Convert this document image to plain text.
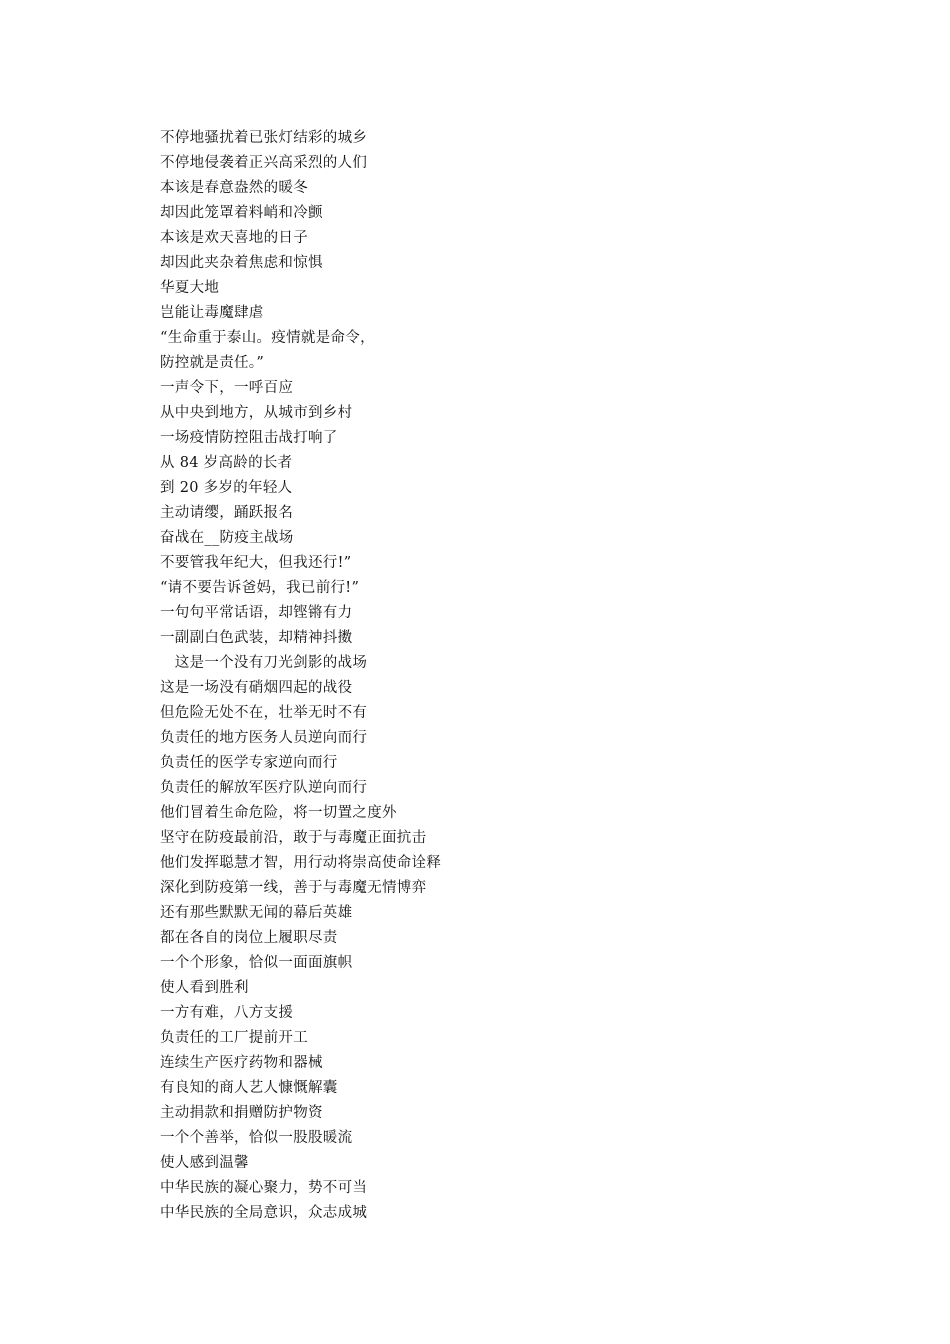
不停地骚扰着已张灯结彩的城乡
不停地侵袭着正兴高采烈的人们
本该是春意盎然的暖冬
却因此笼罩着料峭和冷颤
本该是欢天喜地的日子
却因此夹杂着焦虑和惊惧
华夏大地
岂能让毒魔肆虐
“生命重于泰山。疫情就是命令，
防控就是责任。”
一声令下，一呼百应
从中央到地方，从城市到乡村
一场疫情防控阻击战打响了
从 84 岁高龄的长者
到 20 多岁的年轻人
主动请缨，踊跃报名
奋战在__防疫主战场
不要管我年纪大，但我还行!”
“请不要告诉爸妈，我已前行!”
一句句平常话语，却铿锵有力
一副副白色武装，却精神抖擞
这是一个没有刀光剑影的战场
这是一场没有硝烟四起的战役
但危险无处不在，壮举无时不有
负责任的地方医务人员逆向而行
负责任的医学专家逆向而行
负责任的解放军医疗队逆向而行
他们冒着生命危险，将一切置之度外
坚守在防疫最前沿，敢于与毒魔正面抗击
他们发挥聪慧才智，用行动将崇高使命诠释
深化到防疫第一线，善于与毒魔无情博弈
还有那些默默无闻的幕后英雄
都在各自的岗位上履职尽责
一个个形象，恰似一面面旗帜
使人看到胜利
一方有难，八方支援
负责任的工厂提前开工
连续生产医疗药物和器械
有良知的商人艺人慷慨解囊
主动捐款和捐赠防护物资
一个个善举，恰似一股股暖流
使人感到温馨
中华民族的凝心聚力，势不可当
中华民族的全局意识，众志成城
